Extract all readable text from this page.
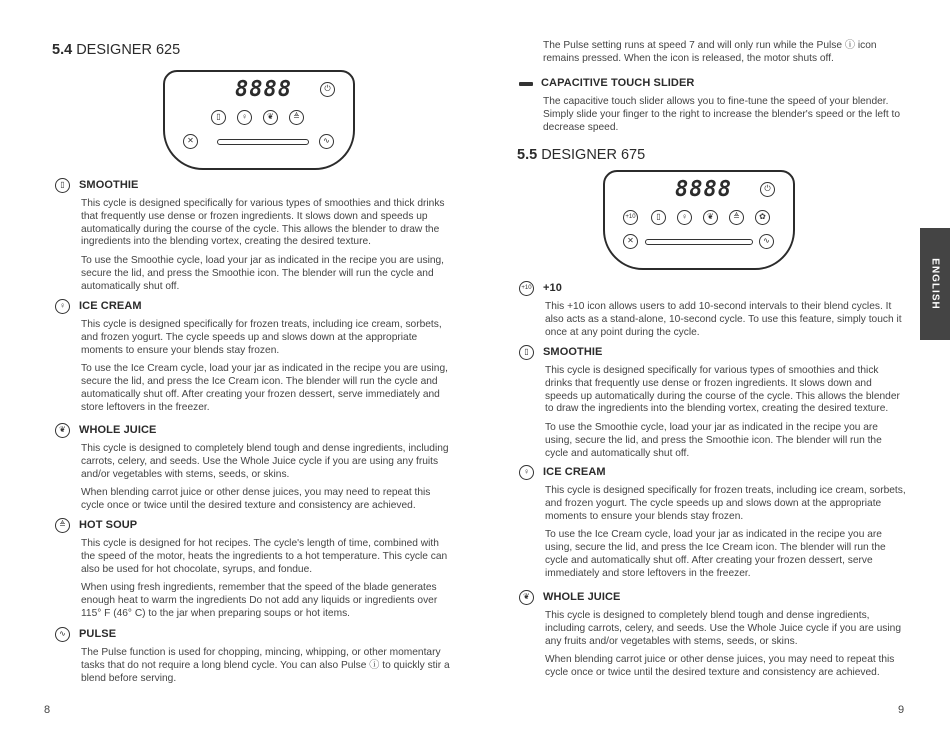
5.4 DESIGNER 625
8888	⏻
▯	♀	❦	≜
✕	∿
▯	SMOOTHIE
This cycle is designed specifically for various types of smoothies and thick drinks that frequently use dense or frozen ingredients. It slows down and speeds up automatically during the course of the cycle. This allows the blender to draw the ingredients into the blending vortex, creating the desired texture.
To use the Smoothie cycle, load your jar as indicated in the recipe you are using, secure the lid, and press the Smoothie icon. The blender will run the cycle and automatically shut off.
♀	ICE CREAM
This cycle is designed specifically for frozen treats, including ice cream, sorbets, and frozen yogurt. The cycle speeds up and slows down at the appropriate moments to ensure your blends stay frozen.
To use the Ice Cream cycle, load your jar as indicated in the recipe you are using, secure the lid, and press the Ice Cream icon. The blender will run the cycle and automatically shut off. After creating your frozen dessert, serve immediately and store leftovers in the freezer.
❦	WHOLE JUICE
This cycle is designed to completely blend tough and dense ingredients, including carrots, celery, and seeds. Use the Whole Juice cycle if you are using any fruits and/or vegetables with stems, seeds, or skins.
When blending carrot juice or other dense juices, you may need to repeat this cycle once or twice until the desired texture and consistency are achieved.
≜	HOT SOUP
This cycle is designed for hot recipes. The cycle's length of time, combined with the speed of the motor, heats the ingredients to a hot temperature. This cycle can also be used for hot chocolate, syrups, and fondue.
When using fresh ingredients, remember that the speed of the blade generates enough heat to warm the ingredients Do not add any liquids or ingredients over 115° F (46° C) to the jar when preparing soups or hot items.
∿	PULSE
The Pulse function is used for chopping, mincing, whipping, or other momentary tasks that do not require a long blend cycle. You can also Pulse ⓘ to quickly stir a blend before serving.
8
The Pulse setting runs at speed 7 and will only run while the Pulse ⓘ icon remains pressed. When the icon is released, the motor shuts off.
CAPACITIVE TOUCH SLIDER
The capacitive touch slider allows you to fine-tune the speed of your blender. Simply slide your finger to the right to increase the blender's speed or the left to decrease speed.
5.5 DESIGNER 675
8888	⏻
+10	▯	♀	❦	≜	✿
✕	∿
+10 +10
This +10 icon allows users to add 10-second intervals to their blend cycles. It also acts as a stand-alone, 10-second cycle. To use this feature, simply touch it once at any point during the cycle.
▯	SMOOTHIE
This cycle is designed specifically for various types of smoothies and thick drinks that frequently use dense or frozen ingredients. It slows down and speeds up automatically during the course of the cycle. This allows the blender to draw the ingredients into the blending vortex, creating the desired texture.
To use the Smoothie cycle, load your jar as indicated in the recipe you are using, secure the lid, and press the Smoothie icon. The blender will run the cycle and automatically shut off.
♀	ICE CREAM
This cycle is designed specifically for frozen treats, including ice cream, sorbets, and frozen yogurt. The cycle speeds up and slows down at the appropriate moments to ensure your blends stay frozen.
To use the Ice Cream cycle, load your jar as indicated in the recipe you are using, secure the lid, and press the Ice Cream icon. The blender will run the cycle and automatically shut off. After creating your frozen dessert, serve immediately and store leftovers in the freezer.
❦	WHOLE JUICE
This cycle is designed to completely blend tough and dense ingredients, including carrots, celery, and seeds. Use the Whole Juice cycle if you are using any fruits and/or vegetables with stems, seeds, or skins.
When blending carrot juice or other dense juices, you may need to repeat this cycle once or twice until the desired texture and consistency are achieved.
9
ENGLISH
